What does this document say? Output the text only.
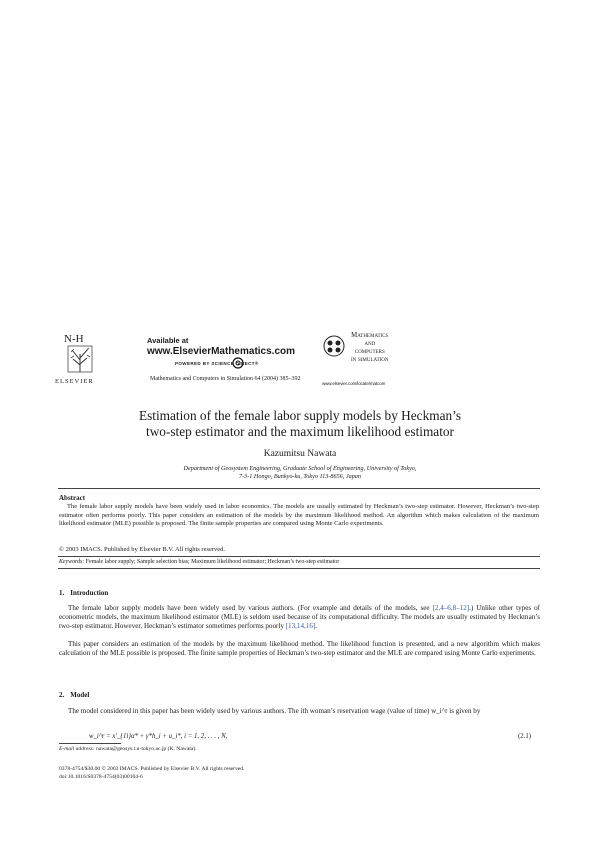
N-H
ELSEVIER
Available at
www.ElsevierMathematics.com
POWERED BY SCIENCE DIRECT®
Mathematics and Computers in Simulation 64 (2004) 385–392
Mathematics
and
computers
in simulation
www.elsevier.com/locate/matcom
Estimation of the female labor supply models by Heckman’s
two-step estimator and the maximum likelihood estimator
Kazumitsu Nawata
Department of Geosystem Engineering, Graduate School of Engineering, University of Tokyo,
7-3-1 Hongo, Bunkyo-ku, Tokyo 113-8656, Japan
Abstract

The female labor supply models have been widely used in labor economics. The models are usually estimated by Heckman’s two-step estimator. However, Heckman’s two-step estimator often performs poorly. This paper considers an estimation of the models by the maximum likelihood method. An algorithm which makes calculation of the maximum likelihood estimator (MLE) possible is proposed. The finite sample properties are compared using Monte Carlo experiments.

© 2003 IMACS. Published by Elsevier B.V. All rights reserved.
Keywords: Female labor supply; Sample selection bias; Maximum likelihood estimator; Heckman’s two-step estimator
1. Introduction

The female labor supply models have been widely used by various authors. (For example and details of the models, see [2,4–6,8–12].) Unlike other types of econometric models, the maximum likelihood estimator (MLE) is seldom used because of its computational difficulty. The models are usually estimated by Heckman’s two-step estimator. However, Heckman’s estimator sometimes performs poorly [13,14,16].

This paper considers an estimation of the models by the maximum likelihood method. The likelihood function is presented, and a new algorithm which makes calculation of the MLE possible is proposed. The finite sample properties of Heckman’s two-step estimator and the MLE are compared using Monte Carlo experiments.

2. Model

The model considered in this paper has been widely used by various authors. The ith woman’s reservation wage (value of time) w_i^r is given by

w_i^r = x′_{1i}α* + γ*h_i + u_i*, i = 1, 2, . . . , N,	(2.1)
E-mail address: nawata@geosys.t.u-tokyo.ac.jp (K. Nawata).
0378-4754/$30.00 © 2003 IMACS. Published by Elsevier B.V. All rights reserved.
doi:10.1016/S0378-4754(03)00104-6
